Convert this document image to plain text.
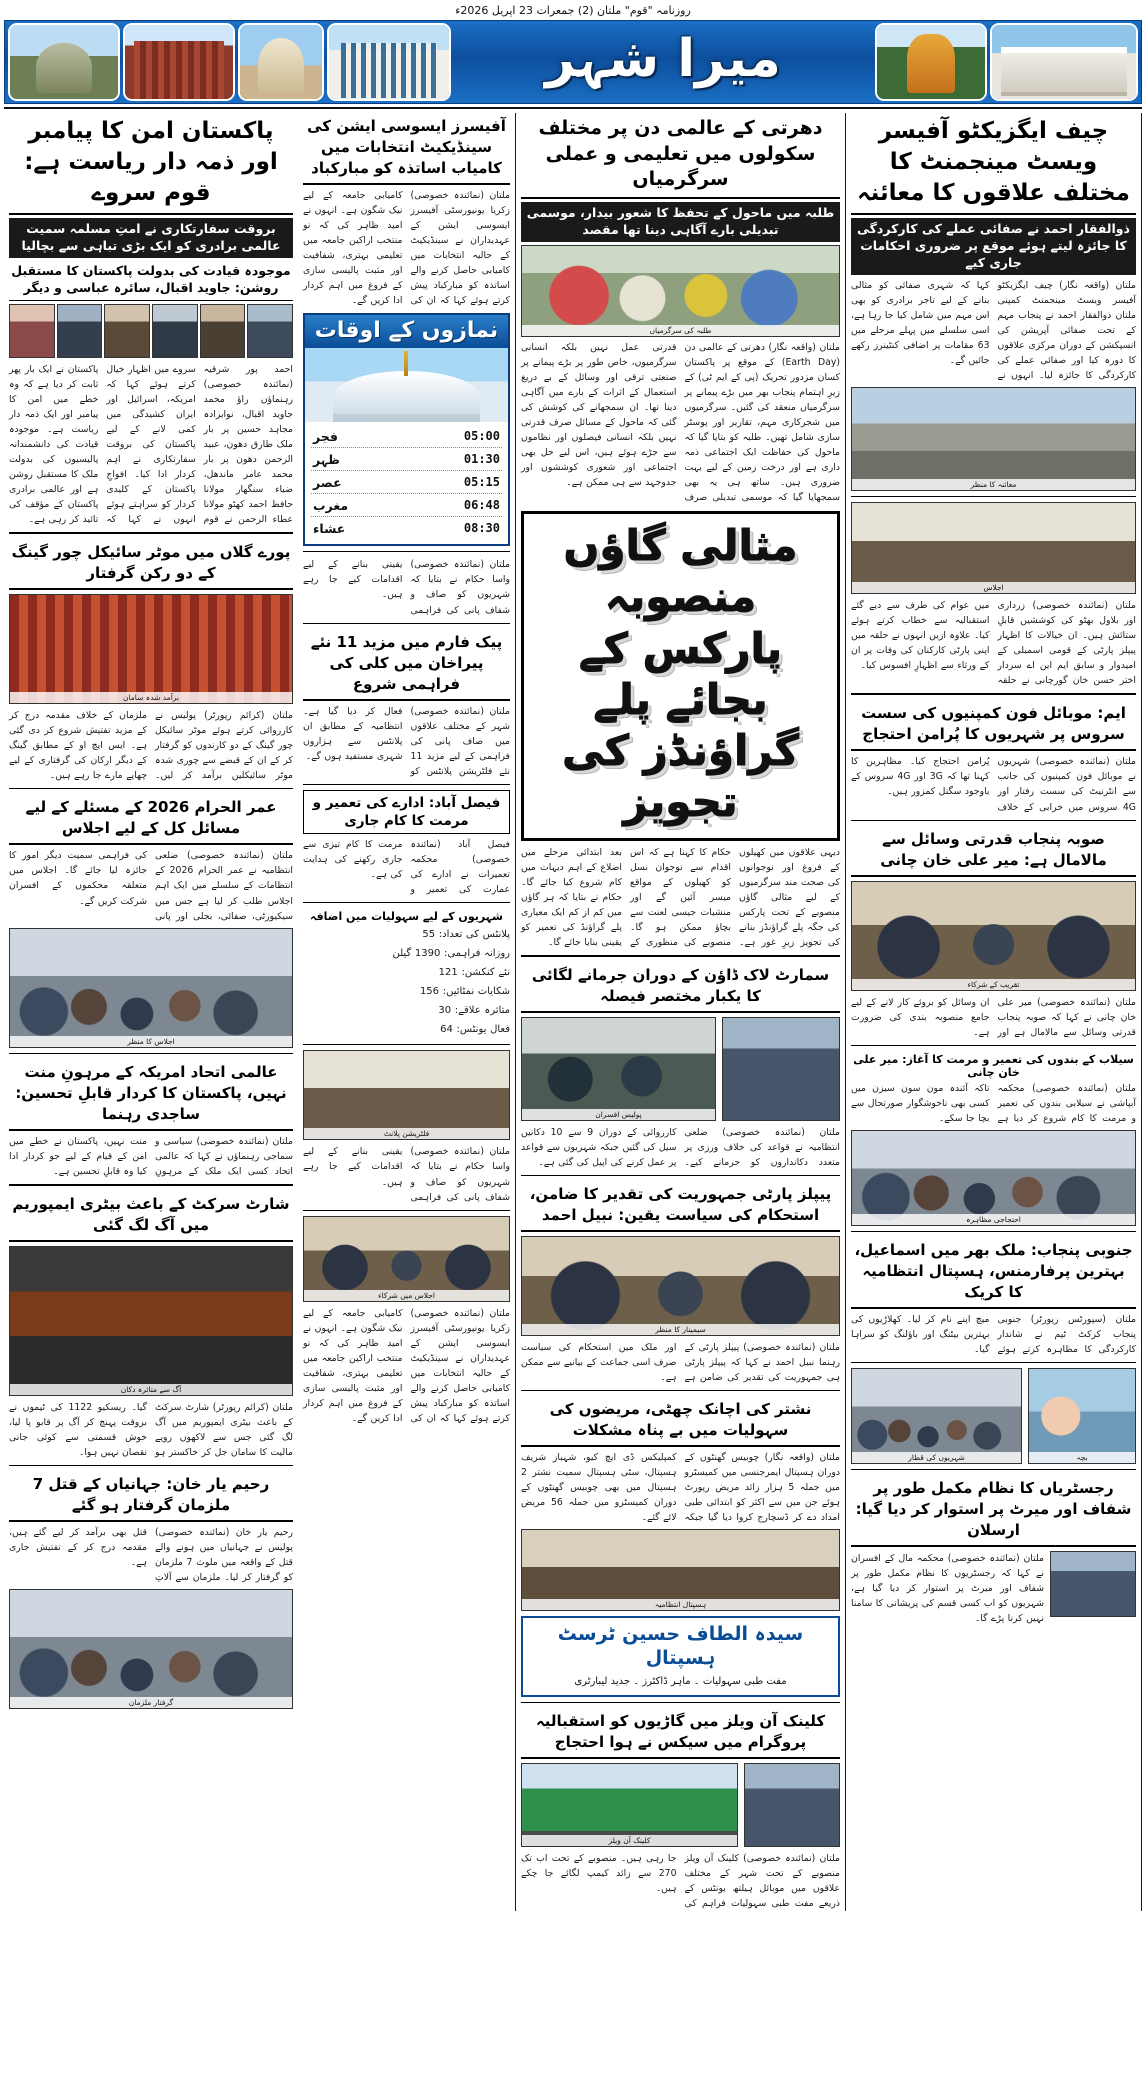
روزنامہ "قوم" ملتان (2) جمعرات 23 اپریل 2026ء
میرا شہر
چیف ایگزیکٹو آفیسر ویسٹ مینجمنٹ کا مختلف علاقوں کا معائنہ
ذوالفقار احمد نے صفائی عملے کی کارکردگی کا جائزہ لیتے ہوئے موقع پر ضروری احکامات جاری کیے
ملتان (واقعہ نگار) چیف ایگزیکٹو آفیسر ویسٹ مینجمنٹ کمپنی ملتان ذوالفقار احمد نے پنجاب مہم کے تحت صفائی آپریشن کی انسپکشن کے دوران مرکزی علاقوں کا دورہ کیا اور صفائی عملے کی کارکردگی کا جائزہ لیا۔ انہوں نے کہا کہ شہری صفائی کو مثالی بنانے کے لیے تاجر برادری کو بھی اس مہم میں شامل کیا جا رہا ہے، اسی سلسلے میں پہلے مرحلے میں 63 مقامات پر اضافی کنٹینرز رکھے جائیں گے۔
معائنہ کا منظر
اجلاس
ملتان (نمائندہ خصوصی) زرداری اور بلاول بھٹو کی کوششیں قابلِ ستائش ہیں۔ ان خیالات کا اظہار پیپلز پارٹی کے قومی اسمبلی کے امیدوار و سابق ایم این اے سردار اختر حسن خان گورچانی نے حلقہ میں عوام کی طرف سے دیے گئے استقبالیہ سے خطاب کرتے ہوئے کیا۔ علاوہ ازیں انہوں نے حلقہ میں اپنی پارٹی کارکنان کی وفات پر ان کے ورثاء سے اظہارِ افسوس کیا۔
ایم: موبائل فون کمپنیوں کی سست سروس پر شہریوں کا پُرامن احتجاج
ملتان (نمائندہ خصوصی) شہریوں نے موبائل فون کمپنیوں کی جانب سے انٹرنیٹ کی سست رفتار اور 4G سروس میں خرابی کے خلاف پُرامن احتجاج کیا۔ مظاہرین کا کہنا تھا کہ 3G اور 4G سروس کے باوجود سگنل کمزور ہیں۔
صوبہ پنجاب قدرتی وسائل سے مالامال ہے: میر علی خان چانی
تقریب کے شرکاء
ملتان (نمائندہ خصوصی) میر علی خان چانی نے کہا کہ صوبہ پنجاب قدرتی وسائل سے مالامال ہے اور ان وسائل کو بروئے کار لانے کے لیے جامع منصوبہ بندی کی ضرورت ہے۔
سیلاب کے بندوں کی تعمیر و مرمت کا آغاز: میر علی خان چانی
ملتان (نمائندہ خصوصی) محکمہ آبپاشی نے سیلابی بندوں کی تعمیر و مرمت کا کام شروع کر دیا ہے تاکہ آئندہ مون سون سیزن میں کسی بھی ناخوشگوار صورتحال سے بچا جا سکے۔
احتجاجی مظاہرہ
جنوبی پنجاب: ملک بھر میں اسماعیل، بہترین پرفارمنس، ہسپتال انتظامیہ کا کریک
ملتان (سپورٹس رپورٹر) جنوبی پنجاب کرکٹ ٹیم نے شاندار کارکردگی کا مظاہرہ کرتے ہوئے میچ اپنے نام کر لیا۔ کھلاڑیوں کی بہترین بیٹنگ اور باؤلنگ کو سراہا گیا۔
بچہ
شہریوں کی قطار
رجسٹریاں کا نظام مکمل طور پر شفاف اور میرٹ پر استوار کر دیا گیا: ارسلان
ملتان (نمائندہ خصوصی) محکمہ مال کے افسران نے کہا کہ رجسٹریوں کا نظام مکمل طور پر شفاف اور میرٹ پر استوار کر دیا گیا ہے، شہریوں کو اب کسی قسم کی پریشانی کا سامنا نہیں کرنا پڑے گا۔
دھرتی کے عالمی دن پر مختلف سکولوں میں تعلیمی و عملی سرگرمیاں
طلبہ میں ماحول کے تحفظ کا شعور بیدار، موسمی تبدیلی بارے آگاہی دینا تھا مقصد
طلبہ کی سرگرمیاں
ملتان (واقعہ نگار) دھرتی کے عالمی دن (Earth Day) کے موقع پر پاکستان کسان مزدور تحریک (پی کے ایم ٹی) کے زیرِ اہتمام پنجاب بھر میں بڑے پیمانے پر سرگرمیاں منعقد کی گئیں۔ سرگرمیوں میں شجرکاری مہم، تقاریر اور پوسٹر سازی شامل تھیں۔ طلبہ کو بتایا گیا کہ ماحول کی حفاظت ایک اجتماعی ذمہ داری ہے اور درخت زمین کے لیے بہت ضروری ہیں۔ ساتھ ہی یہ بھی سمجھایا گیا کہ موسمی تبدیلی صرف قدرتی عمل نہیں بلکہ انسانی سرگرمیوں، خاص طور پر بڑے پیمانے پر صنعتی ترقی اور وسائل کے بے دریغ استعمال کے اثرات کے بارے میں آگاہی دینا تھا۔ ان سمجھانے کی کوشش کی گئی کہ ماحول کے مسائل صرف قدرتی نہیں بلکہ انسانی فیصلوں اور نظاموں سے جڑے ہوئے ہیں، اس لیے حل بھی اجتماعی اور شعوری کوششوں اور جدوجہد سے ہی ممکن ہے۔
مثالی گاؤں منصوبہ پارکس کے بجائے پلے گراؤنڈز کی تجویز
دیہی علاقوں میں کھیلوں کے فروغ اور نوجوانوں کی صحت مند سرگرمیوں کے لیے مثالی گاؤں منصوبے کے تحت پارکس کی جگہ پلے گراؤنڈز بنانے کی تجویز زیرِ غور ہے۔ حکام کا کہنا ہے کہ اس اقدام سے نوجوان نسل کو کھیلوں کے مواقع میسر آئیں گے اور منشیات جیسی لعنت سے بچاؤ ممکن ہو گا۔ منصوبے کی منظوری کے بعد ابتدائی مرحلے میں اضلاع کے اہم دیہات میں کام شروع کیا جائے گا۔ حکام نے بتایا کہ ہر گاؤں میں کم از کم ایک معیاری پلے گراؤنڈ کی تعمیر کو یقینی بنایا جائے گا۔
سمارٹ لاک ڈاؤن کے دوران جرمانے لگائی کا یکبار مختصر فیصلہ
پولیس افسران
ملتان (نمائندہ خصوصی) ضلعی انتظامیہ نے قواعد کی خلاف ورزی پر متعدد دکانداروں کو جرمانے کیے۔ کارروائی کے دوران 9 سے 10 دکانیں سیل کی گئیں جبکہ شہریوں سے قواعد پر عمل کرنے کی اپیل کی گئی ہے۔
پیپلز پارٹی جمہوریت کی تقدیر کا ضامن، استحکام کی سیاست یقین: نبیل احمد
سیمینار کا منظر
ملتان (نمائندہ خصوصی) پیپلز پارٹی کے رہنما نبیل احمد نے کہا کہ پیپلز پارٹی ہی جمہوریت کی تقدیر کی ضامن ہے اور ملک میں استحکام کی سیاست صرف اسی جماعت کے بیانیے سے ممکن ہے۔
نشتر کی اچانک چھٹی، مریضوں کی سہولیات میں بے پناہ مشکلات
ملتان (واقعہ نگار) چوبیس گھنٹوں کے دوران ہسپتال ایمرجنسی میں کمیسٹرو میں جملہ 5 ہزار زائد مریض رپورٹ ہوئے جن میں سے اکثر کو ابتدائی طبی امداد دے کر ڈسچارج کروا دیا گیا جبکہ کمپلیکس ڈی ایچ کیو، شہباز شریف ہسپتال، سٹی ہسپتال سمیت نشتر 2 ہسپتال میں بھی چوبیس گھنٹوں کے دوران کمیسٹرو میں جملہ 56 مریض لائے گئے۔
ہسپتال انتظامیہ
سیدہ الطاف حسین ٹرسٹ ہسپتال
مفت طبی سہولیات ۔ ماہر ڈاکٹرز ۔ جدید لیبارٹری
کلینک آن ویلز میں گاڑیوں کو استقبالیہ پروگرام میں سیکس نے ہوا احتجاج
کلینک آن ویلز
ملتان (نمائندہ خصوصی) کلینک آن ویلز منصوبے کے تحت شہر کے مختلف علاقوں میں موبائل ہیلتھ یونٹس کے ذریعے مفت طبی سہولیات فراہم کی جا رہی ہیں۔ منصوبے کے تحت اب تک 270 سے زائد کیمپ لگائے جا چکے ہیں۔
آفیسرز ایسوسی ایشن کی سینڈیکیٹ انتخابات میں کامیاب اساتذہ کو مبارکباد
ملتان (نمائندہ خصوصی) زکریا یونیورسٹی آفیسرز ایسوسی ایشن کے عہدیداران نے سینڈیکیٹ کے حالیہ انتخابات میں کامیابی حاصل کرنے والے اساتذہ کو مبارکباد پیش کرتے ہوئے کہا کہ ان کی کامیابی جامعہ کے لیے نیک شگون ہے۔ انہوں نے امید ظاہر کی کہ نو منتخب اراکین جامعہ میں تعلیمی بہتری، شفافیت اور مثبت پالیسی سازی کے فروغ میں اہم کردار ادا کریں گے۔
نمازوں کے اوقات
05:00
فجر
01:30
ظہر
05:15
عصر
06:48
مغرب
08:30
عشاء
ملتان (نمائندہ خصوصی) واسا حکام نے بتایا کہ شہریوں کو صاف و شفاف پانی کی فراہمی یقینی بنانے کے لیے اقدامات کیے جا رہے ہیں۔
پیک فارم میں مزید 11 نئے پیراخان میں کلی کی فراہمی شروع
ملتان (نمائندہ خصوصی) شہر کے مختلف علاقوں میں صاف پانی کی فراہمی کے لیے مزید 11 نئے فلٹریشن پلانٹس کو فعال کر دیا گیا ہے۔ انتظامیہ کے مطابق ان پلانٹس سے ہزاروں شہری مستفید ہوں گے۔
فیصل آباد: ادارے کی تعمیر و مرمت کا کام جاری
فیصل آباد (نمائندہ خصوصی) محکمہ تعمیرات نے ادارے کی عمارت کی تعمیر و مرمت کا کام تیزی سے جاری رکھنے کی ہدایت کی ہے۔
شہریوں کے لیے سہولیات میں اضافہ
پلانٹس کی تعداد: 55
روزانہ فراہمی: 1390 گیلن
نئے کنکشن: 121
شکایات نمٹائیں: 156
متاثرہ علاقے: 30
فعال یونٹس: 64
فلٹریشن پلانٹ
ملتان (نمائندہ خصوصی) واسا حکام نے بتایا کہ شہریوں کو صاف و شفاف پانی کی فراہمی یقینی بنانے کے لیے اقدامات کیے جا رہے ہیں۔
اجلاس میں شرکاء
ملتان (نمائندہ خصوصی) زکریا یونیورسٹی آفیسرز ایسوسی ایشن کے عہدیداران نے سینڈیکیٹ کے حالیہ انتخابات میں کامیابی حاصل کرنے والے اساتذہ کو مبارکباد پیش کرتے ہوئے کہا کہ ان کی کامیابی جامعہ کے لیے نیک شگون ہے۔ انہوں نے امید ظاہر کی کہ نو منتخب اراکین جامعہ میں تعلیمی بہتری، شفافیت اور مثبت پالیسی سازی کے فروغ میں اہم کردار ادا کریں گے۔
پاکستان امن کا پیامبر اور ذمہ دار ریاست ہے: قوم سروے
بروقت سفارتکاری نے امتِ مسلمہ سمیت عالمی برادری کو ایک بڑی تباہی سے بچالیا
موجودہ قیادت کی بدولت پاکستان کا مستقبل روشن: جاوید اقبال، سائرہ عباسی و دیگر
احمد پور شرقیہ (نمائندہ خصوصی) رہنماؤں راؤ محمد جاوید اقبال، نوابزادہ مجاہد حسین پر بار ملک طارق دھون، عبید الرحمن دھون پر بار محمد عامر ماندھل، ضیاء سنگھار مولانا حافظ احمد کھٹو مولانا عطاء الرحمن نے قوم سروے میں اظہار خیال کرتے ہوئے کہا کہ امریکہ، اسرائیل اور ایران کشیدگی میں کمی لانے کے لیے پاکستان کی بروقت سفارتکاری نے اہم کردار ادا کیا۔ افواجِ پاکستان کے کلیدی کردار کو سراہتے ہوئے انہوں نے کہا کہ پاکستان نے ایک بار پھر ثابت کر دیا ہے کہ وہ خطے میں امن کا پیامبر اور ایک ذمہ دار ریاست ہے۔ موجودہ قیادت کی دانشمندانہ پالیسیوں کی بدولت ملک کا مستقبل روشن ہے اور عالمی برادری پاکستان کے مؤقف کی تائید کر رہی ہے۔
پورے گلاں میں موٹر سائیکل چور گینگ کے دو رکن گرفتار
برآمد شدہ سامان
ملتان (کرائم رپورٹر) پولیس نے کارروائی کرتے ہوئے موٹر سائیکل چور گینگ کے دو کارندوں کو گرفتار کر کے ان کے قبضے سے چوری شدہ موٹر سائیکلیں برآمد کر لیں۔ ملزمان کے خلاف مقدمہ درج کر کے مزید تفتیش شروع کر دی گئی ہے۔ ایس ایچ او کے مطابق گینگ کے دیگر ارکان کی گرفتاری کے لیے چھاپے مارے جا رہے ہیں۔
عمر الحرام 2026 کے مسئلے کے لیے مسائل کل کے لیے اجلاس
ملتان (نمائندہ خصوصی) ضلعی انتظامیہ نے عمر الحرام 2026 کے انتظامات کے سلسلے میں ایک اہم اجلاس طلب کر لیا ہے جس میں سیکیورٹی، صفائی، بجلی اور پانی کی فراہمی سمیت دیگر امور کا جائزہ لیا جائے گا۔ اجلاس میں متعلقہ محکموں کے افسران شرکت کریں گے۔
اجلاس کا منظر
عالمی اتحاد امریکہ کے مرہونِ منت نہیں، پاکستان کا کردار قابلِ تحسین: ساجدی رہنما
ملتان (نمائندہ خصوصی) سیاسی و سماجی رہنماؤں نے کہا کہ عالمی اتحاد کسی ایک ملک کے مرہونِ منت نہیں، پاکستان نے خطے میں امن کے قیام کے لیے جو کردار ادا کیا وہ قابلِ تحسین ہے۔
شارٹ سرکٹ کے باعث بیٹری ایمپوریم میں آگ لگ گئی
آگ سے متاثرہ دکان
ملتان (کرائم رپورٹر) شارٹ سرکٹ کے باعث بیٹری ایمپوریم میں آگ لگ گئی جس سے لاکھوں روپے مالیت کا سامان جل کر خاکستر ہو گیا۔ ریسکیو 1122 کی ٹیموں نے بروقت پہنچ کر آگ پر قابو پا لیا، خوش قسمتی سے کوئی جانی نقصان نہیں ہوا۔
رحیم یار خان: جہانیاں کے قتل 7 ملزمان گرفتار ہو گئے
رحیم یار خان (نمائندہ خصوصی) پولیس نے جہانیاں میں ہونے والے قتل کے واقعہ میں ملوث 7 ملزمان کو گرفتار کر لیا۔ ملزمان سے آلاتِ قتل بھی برآمد کر لیے گئے ہیں، مقدمہ درج کر کے تفتیش جاری ہے۔
گرفتار ملزمان
